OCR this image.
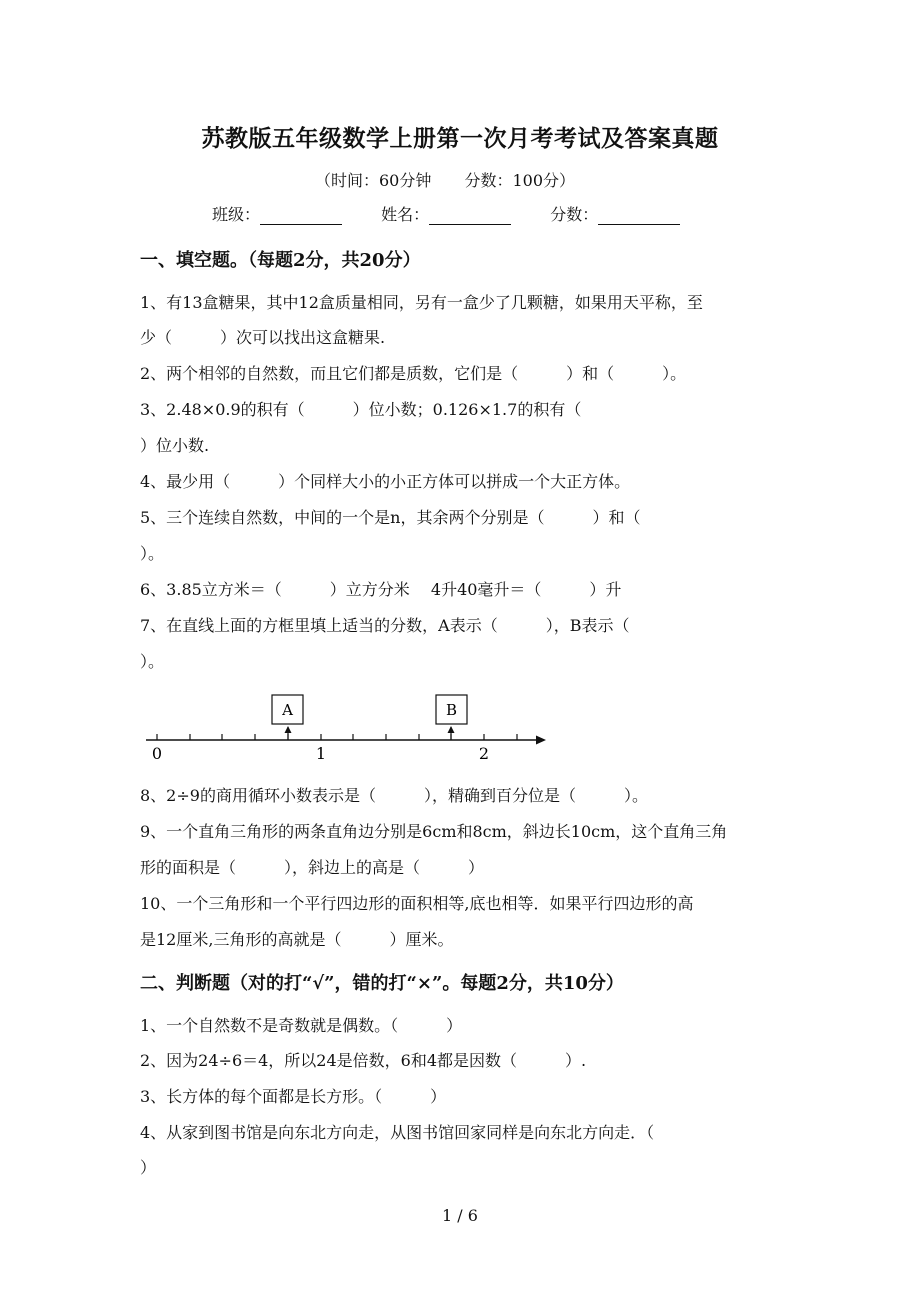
苏教版五年级数学上册第一次月考考试及答案真题
（时间：60分钟 分数：100分）
班级：	姓名：	分数：
一、填空题。（每题2分，共20分）
1、有13盒糖果，其中12盒质量相同，另有一盒少了几颗糖，如果用天平称，至
少（　　　）次可以找出这盒糖果.
2、两个相邻的自然数，而且它们都是质数，它们是（　　　）和（　　　）。
3、2.48×0.9的积有（　　　）位小数；0.126×1.7的积有（
）位小数.
4、最少用（　　　）个同样大小的小正方体可以拼成一个大正方体。
5、三个连续自然数，中间的一个是n，其余两个分别是（　　　）和（
）。
6、3.85立方米＝（　　　）立方分米　 4升40毫升＝（　　　）升
7、在直线上面的方框里填上适当的分数，A表示（　　　），B表示（
）。
A	B
0	1	2
8、2÷9的商用循环小数表示是（　　　），精确到百分位是（　　　）。
9、一个直角三角形的两条直角边分别是6cm和8cm，斜边长10cm，这个直角三角
形的面积是（　　　），斜边上的高是（　　　）
10、一个三角形和一个平行四边形的面积相等,底也相等．如果平行四边形的高
是12厘米,三角形的高就是（　　　）厘米。
二、判断题（对的打“√”，错的打“×”。每题2分，共10分）
1、一个自然数不是奇数就是偶数。（　　　）
2、因为24÷6＝4，所以24是倍数，6和4都是因数（　　　）.
3、长方体的每个面都是长方形。（　　　）
4、从家到图书馆是向东北方向走，从图书馆回家同样是向东北方向走．（
）
1 / 6
